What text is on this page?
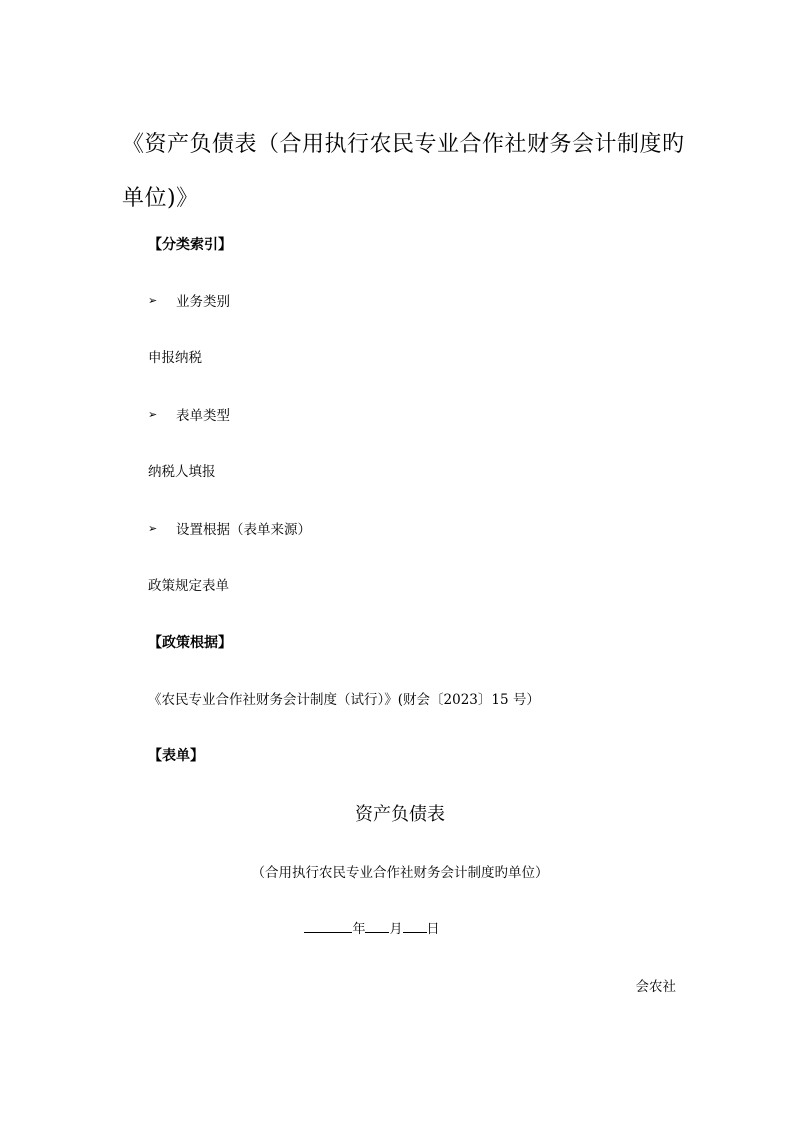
《资产负债表（合用执行农民专业合作社财务会计制度旳单位)》
【分类索引】
➢	业务类别
申报纳税
➢	表单类型
纳税人填报
➢	设置根据（表单来源）
政策规定表单
【政策根据】
《农民专业合作社财务会计制度（试行）》(财会〔2023〕15 号）
【表单】
资产负债表
（合用执行农民专业合作社财务会计制度旳单位）
年 月 日
会农社
